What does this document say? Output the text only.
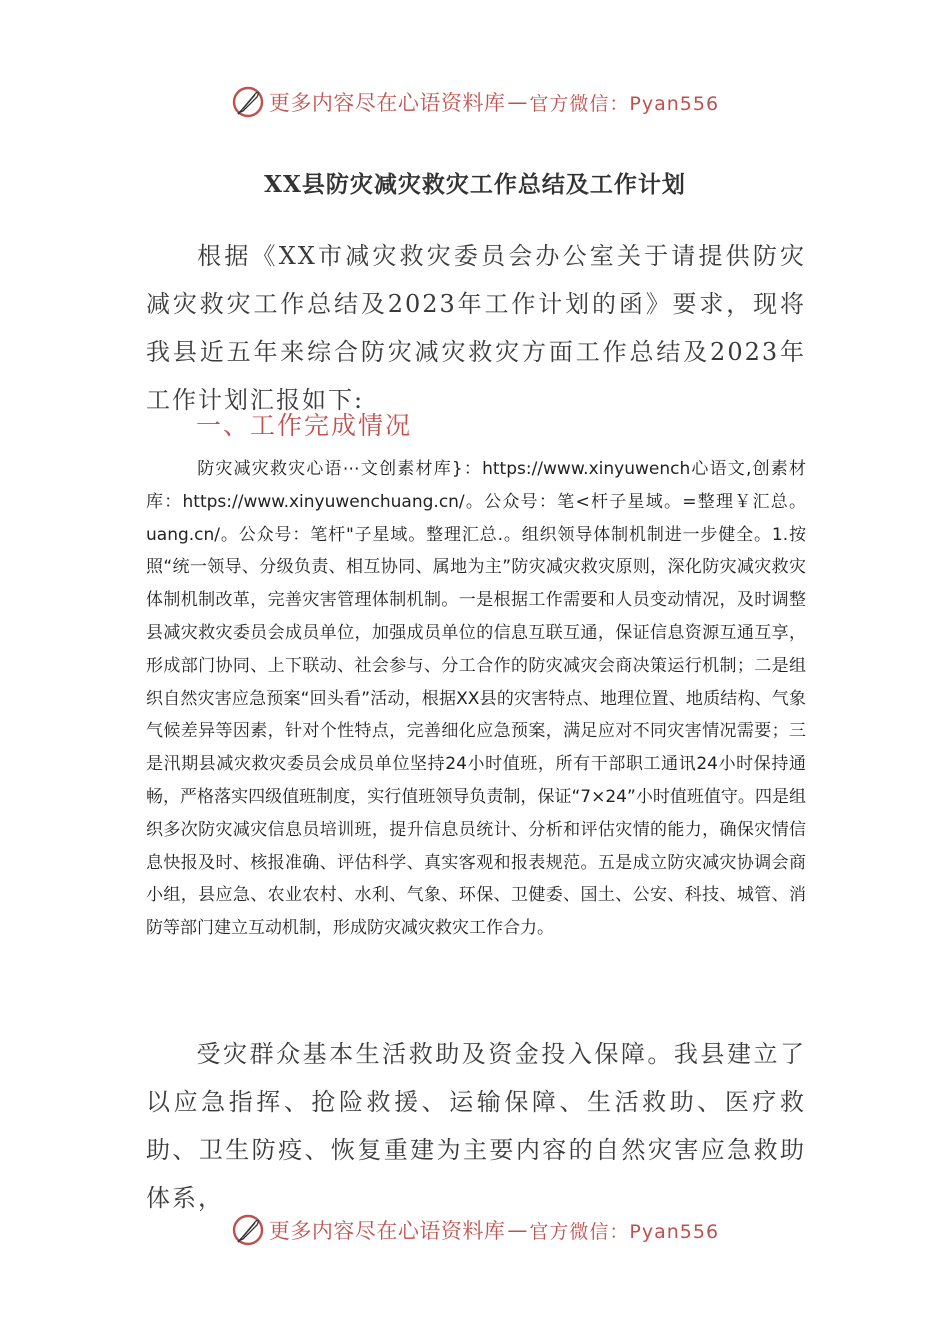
更多内容尽在心语资料库 — 官方微信：Pyan556
XX县防灾减灾救灾工作总结及工作计划
根据《XX市减灾救灾委员会办公室关于请提供防灾减灾救灾工作总结及2023年工作计划的函》要求，现将我县近五年来综合防灾减灾救灾方面工作总结及2023年工作计划汇报如下:
一、工作完成情况
防灾减灾救灾心语⋯文创素材库}：https://www.xinyuwench心语文,创素材库：https://www.xinyuwenchuang.cn/。公众号：笔<杆子星域。=整理￥汇总。uang.cn/。公众号：笔杆"子星域。整理汇总.。组织领导体制机制进一步健全。1.按照“统一领导、分级负责、相互协同、属地为主”防灾减灾救灾原则，深化防灾减灾救灾体制机制改革，完善灾害管理体制机制。一是根据工作需要和人员变动情况，及时调整县减灾救灾委员会成员单位，加强成员单位的信息互联互通，保证信息资源互通互享，形成部门协同、上下联动、社会参与、分工合作的防灾减灾会商决策运行机制；二是组织自然灾害应急预案“回头看”活动，根据XX县的灾害特点、地理位置、地质结构、气象气候差异等因素，针对个性特点，完善细化应急预案，满足应对不同灾害情况需要；三是汛期县减灾救灾委员会成员单位坚持24小时值班，所有干部职工通讯24小时保持通畅，严格落实四级值班制度，实行值班领导负责制，保证“7×24”小时值班值守。四是组织多次防灾减灾信息员培训班，提升信息员统计、分析和评估灾情的能力，确保灾情信息快报及时、核报准确、评估科学、真实客观和报表规范。五是成立防灾减灾协调会商小组，县应急、农业农村、水利、气象、环保、卫健委、国土、公安、科技、城管、消防等部门建立互动机制，形成防灾减灾救灾工作合力。
受灾群众基本生活救助及资金投入保障。我县建立了以应急指挥、抢险救援、运输保障、生活救助、医疗救助、卫生防疫、恢复重建为主要内容的自然灾害应急救助体系，
更多内容尽在心语资料库 — 官方微信：Pyan556
